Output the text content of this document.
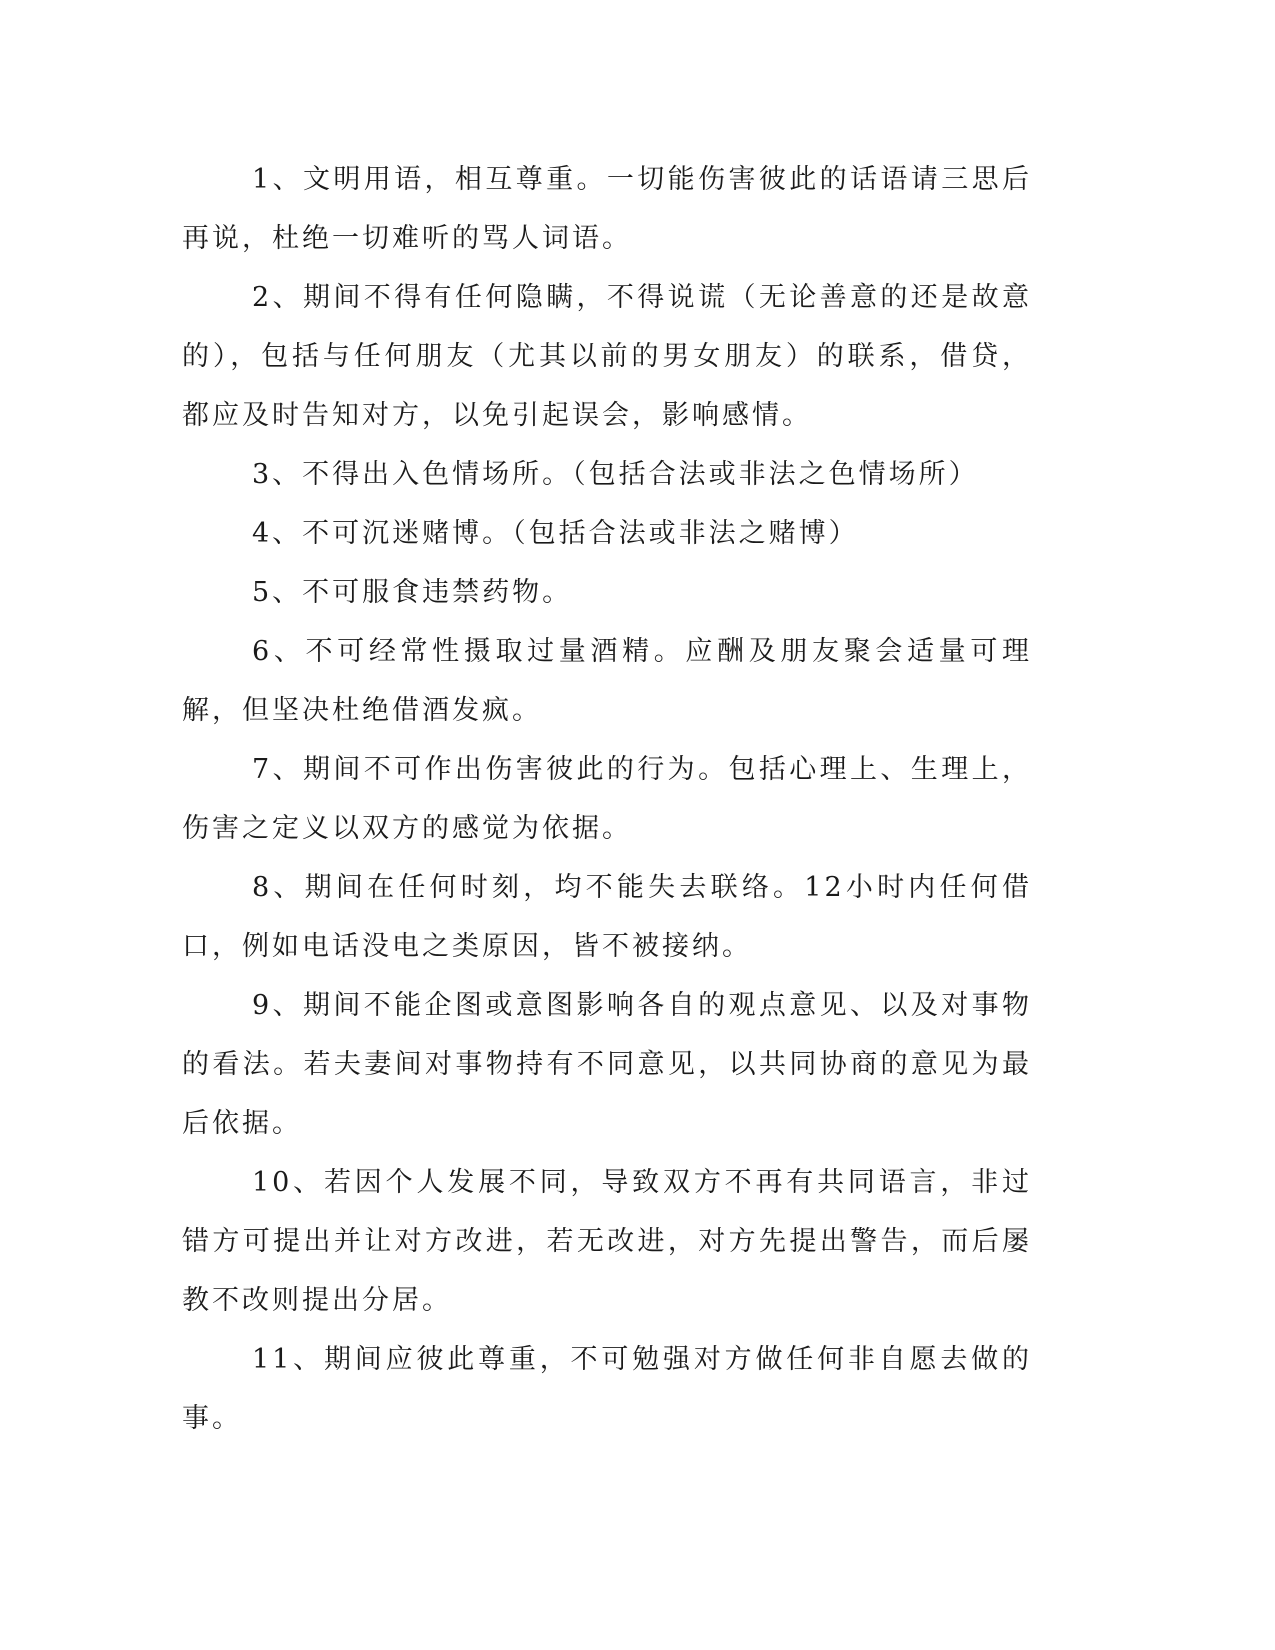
1、文明用语，相互尊重。一切能伤害彼此的话语请三思后再说，杜绝一切难听的骂人词语。

2、期间不得有任何隐瞒，不得说谎（无论善意的还是故意的），包括与任何朋友（尤其以前的男女朋友）的联系，借贷，都应及时告知对方，以免引起误会，影响感情。

3、不得出入色情场所。（包括合法或非法之色情场所）

4、不可沉迷赌博。（包括合法或非法之赌博）

5、不可服食违禁药物。

6、不可经常性摄取过量酒精。应酬及朋友聚会适量可理解，但坚决杜绝借酒发疯。

7、期间不可作出伤害彼此的行为。包括心理上、生理上，伤害之定义以双方的感觉为依据。

8、期间在任何时刻，均不能失去联络。12小时内任何借口，例如电话没电之类原因，皆不被接纳。

9、期间不能企图或意图影响各自的观点意见、以及对事物的看法。若夫妻间对事物持有不同意见，以共同协商的意见为最后依据。

10、若因个人发展不同，导致双方不再有共同语言，非过错方可提出并让对方改进，若无改进，对方先提出警告，而后屡教不改则提出分居。

11、期间应彼此尊重，不可勉强对方做任何非自愿去做的事。
